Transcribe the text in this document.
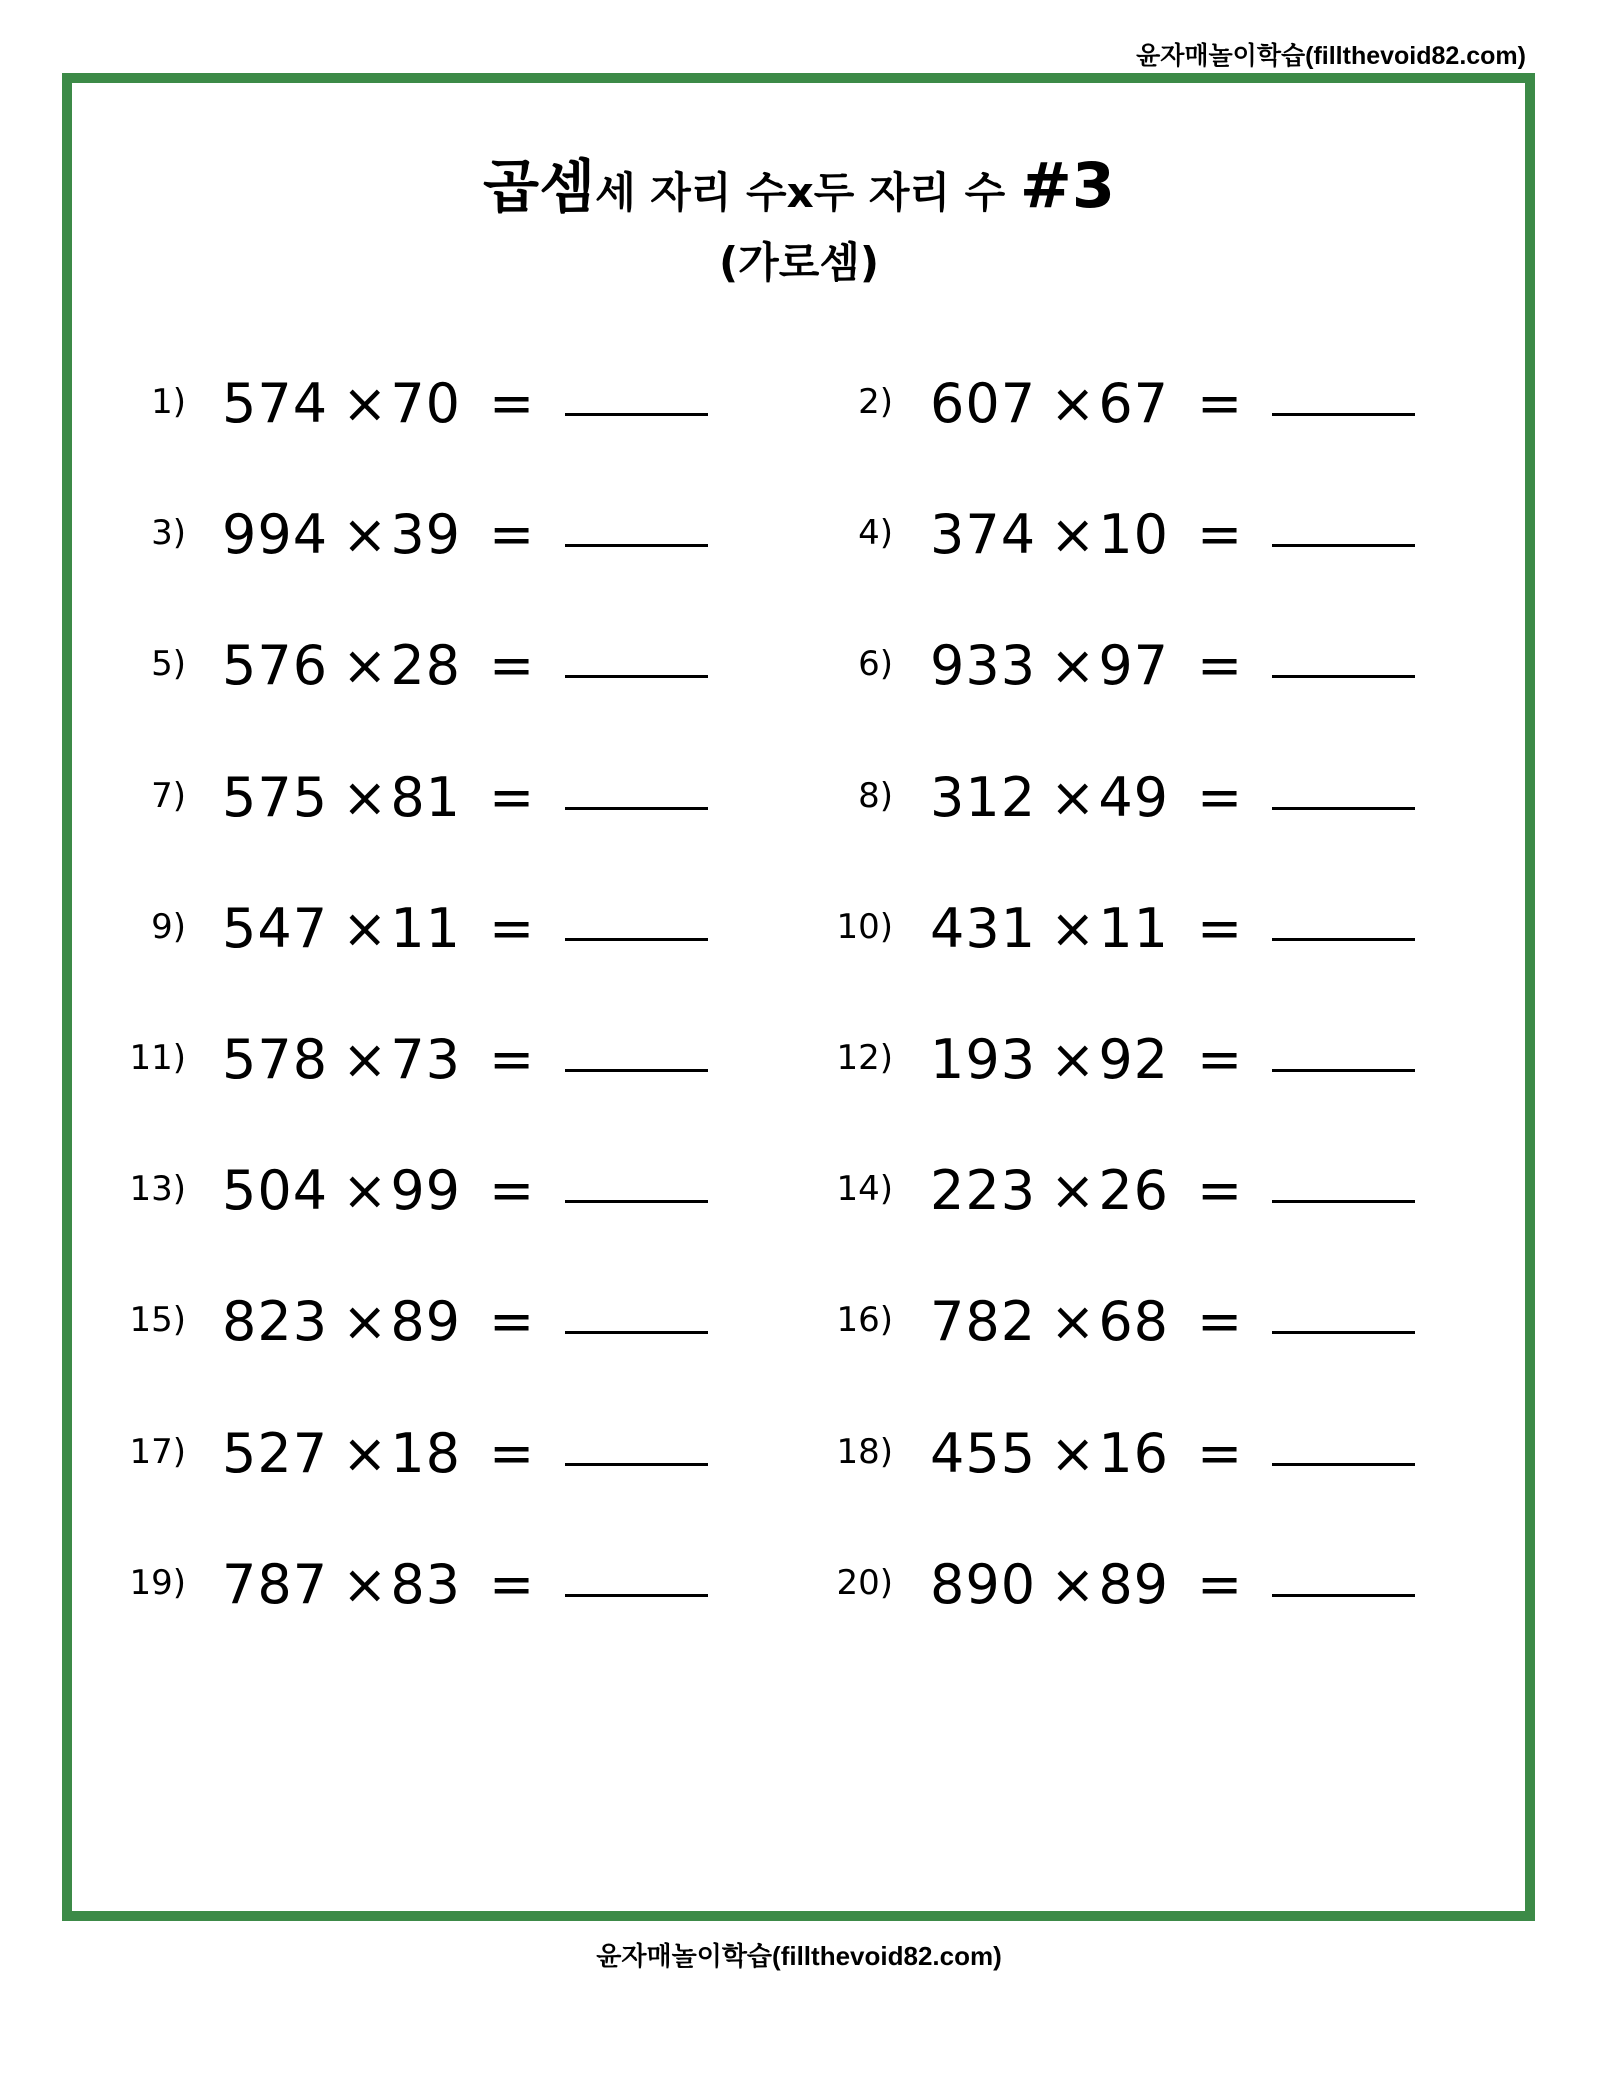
윤자매놀이학습(fillthevoid82.com)
곱셈세 자리 수x두 자리 수 #3
(가로셈)
1) 574 ×70 =	2) 607 ×67 =
3) 994 ×39 =	4) 374 ×10 =
5) 576 ×28 =	6) 933 ×97 =
7) 575 ×81 =	8) 312 ×49 =
9) 547 ×11 =	10) 431 ×11 =
11) 578 ×73 =	12) 193 ×92 =
13) 504 ×99 =	14) 223 ×26 =
15) 823 ×89 =	16) 782 ×68 =
17) 527 ×18 =	18) 455 ×16 =
19) 787 ×83 =	20) 890 ×89 =
윤자매놀이학습(fillthevoid82.com)
